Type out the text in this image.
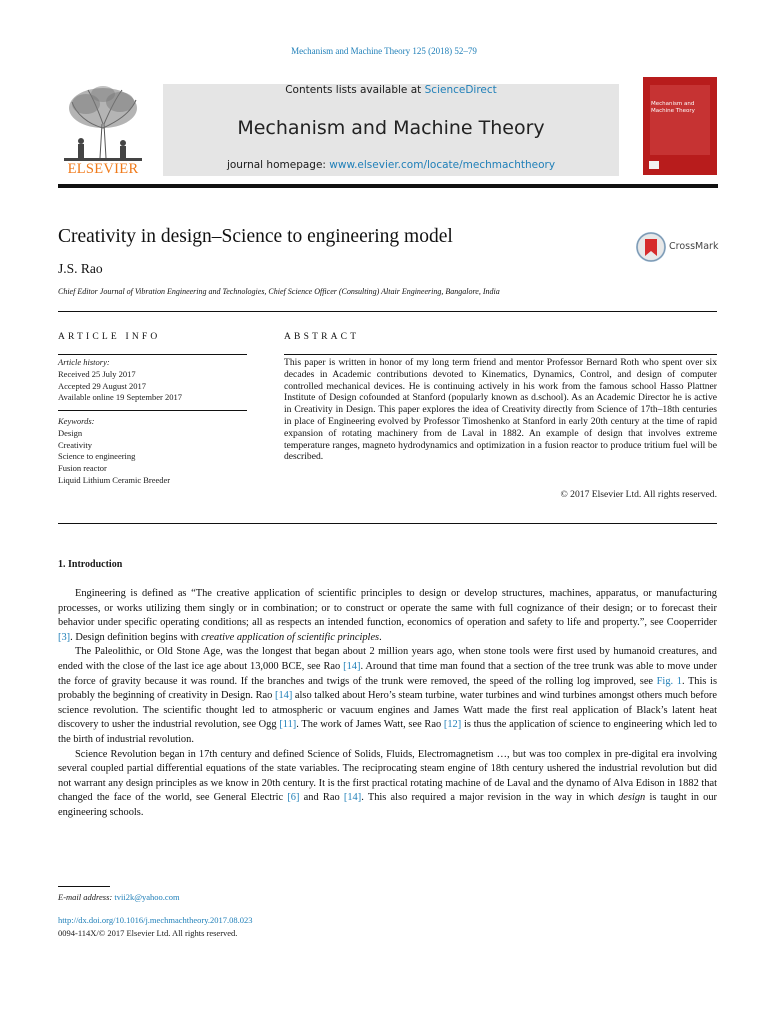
Mechanism and Machine Theory 125 (2018) 52–79
ELSEVIER
Contents lists available at ScienceDirect
Mechanism and Machine Theory
journal homepage: www.elsevier.com/locate/mechmachtheory
Mechanism and Machine Theory
Creativity in design–Science to engineering model	CrossMark
J.S. Rao
Chief Editor Journal of Vibration Engineering and Technologies, Chief Science Officer (Consulting) Altair Engineering, Bangalore, India
ARTICLE INFO
Article history:
Received 25 July 2017
Accepted 29 August 2017
Available online 19 September 2017
Keywords:
Design
Creativity
Science to engineering
Fusion reactor
Liquid Lithium Ceramic Breeder
ABSTRACT
This paper is written in honor of my long term friend and mentor Professor Bernard Roth who spent over six decades in Academic contributions devoted to Kinematics, Dynamics, Control, and design of computer controlled mechanical devices. He is continuing actively in his work from the famous school Hasso Plattner Institute of Design cofounded at Stanford (popularly known as d.school). As an Academic Director he is active in Creativity in Design. This paper explores the idea of Creativity directly from Science of 17th–18th centuries in place of Engineering evolved by Professor Timoshenko at Stanford in early 20th century at the time of rapid expansion of rotating machinery from de Laval in 1882. An example of design that involves extreme temperature ranges, magneto hydrodynamics and optimization in a fusion reactor to produce tritium fuel will be described.
© 2017 Elsevier Ltd. All rights reserved.
1. Introduction

Engineering is defined as “The creative application of scientific principles to design or develop structures, machines, apparatus, or manufacturing processes, or works utilizing them singly or in combination; or to construct or operate the same with full cognizance of their design; or to forecast their behavior under specific operating conditions; all as respects an intended function, economics of operation and safety to life and property.”, see Cooperrider [3]. Design definition begins with creative application of scientific principles.

The Paleolithic, or Old Stone Age, was the longest that began about 2 million years ago, when stone tools were first used by humanoid creatures, and ended with the close of the last ice age about 13,000 BCE, see Rao [14]. Around that time man found that a section of the tree trunk was able to move under the force of gravity because it was round. If the branches and twigs of the trunk were removed, the speed of the rolling log improved, see Fig. 1. This is probably the beginning of creativity in Design. Rao [14] also talked about Hero’s steam turbine, water turbines and wind turbines amongst others much before science revolution. The scientific thought led to atmospheric or vacuum engines and James Watt made the first real application of Black’s latent heat discovery to usher the industrial revolution, see Ogg [11]. The work of James Watt, see Rao [12] is thus the application of science to engineering which led to the birth of industrial revolution.

Science Revolution began in 17th century and defined Science of Solids, Fluids, Electromagnetism …, but was too complex in pre-digital era involving several coupled partial differential equations of the state variables. The reciprocating steam engine of 18th century ushered the industrial revolution but did not warrant any design principles as we know in 20th century. It is the first practical rotating machine of de Laval and the dynamo of Alva Edison in 1882 that changed the face of the world, see General Electric [6] and Rao [14]. This also required a major revision in the way in which design is taught in our engineering schools.

E-mail address: tvii2k@yahoo.com
http://dx.doi.org/10.1016/j.mechmachtheory.2017.08.023
0094-114X/© 2017 Elsevier Ltd. All rights reserved.
